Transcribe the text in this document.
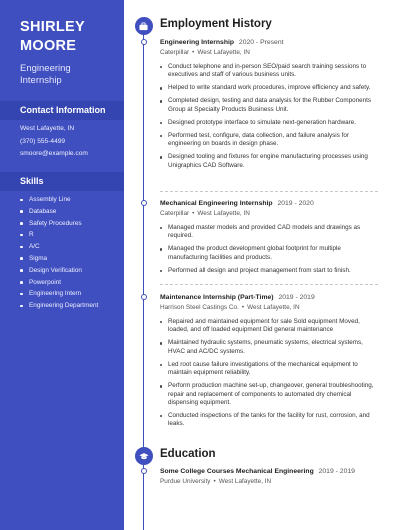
SHIRLEY
MOORE
Engineering
Internship
Contact Information
West Lafayette, IN
(370) 555-4499
smoore@example.com
Skills
Assembly Line
Database
Safety Procedures
R
A/C
Sigma
Design Verification
Powerpoint
Engineering Intern
Engineering Department
Employment History
Engineering Internship 2020 - Present
Caterpillar • West Lafayette, IN
Conduct telephone and in-person SEO/paid search training sessions to executives and staff of various business units.
Helped to write standard work procedures, improve efficiency and safety.
Completed design, testing and data analysis for the Rubber Components Group at Specialty Products Business Unit.
Designed prototype interface to simulate next-generation hardware.
Performed test, configure, data collection, and failure analysis for engineering on boards in design phase.
Designed tooling and fixtures for engine manufacturing processes using Unigraphics CAD Software.
Mechanical Engineering Internship 2019 - 2020
Caterpillar • West Lafayette, IN
Managed master models and provided CAD models and drawings as required.
Managed the product development global footprint for multiple manufacturing facilities and products.
Performed all design and project management from start to finish.
Maintenance Internship (Part-Time) 2019 - 2019
Harrison Steel Castings Co. • West Lafayette, IN
Repaired and maintained equipment for sale Sold equipment Moved, loaded, and off loaded equipment Did general maintenance
Maintained hydraulic systems, pneumatic systems, electrical systems, HVAC and AC/DC systems.
Led root cause failure investigations of the mechanical equipment to maintain equipment reliability.
Perform production machine set-up, changeover, general troubleshooting, repair and replacement of components to automated dry chemical dispensing equipment.
Conducted inspections of the tanks for the facility for rust, corrosion, and leaks.
Education
Some College Courses Mechanical Engineering 2019 - 2019
Purdue University • West Lafayette, IN
